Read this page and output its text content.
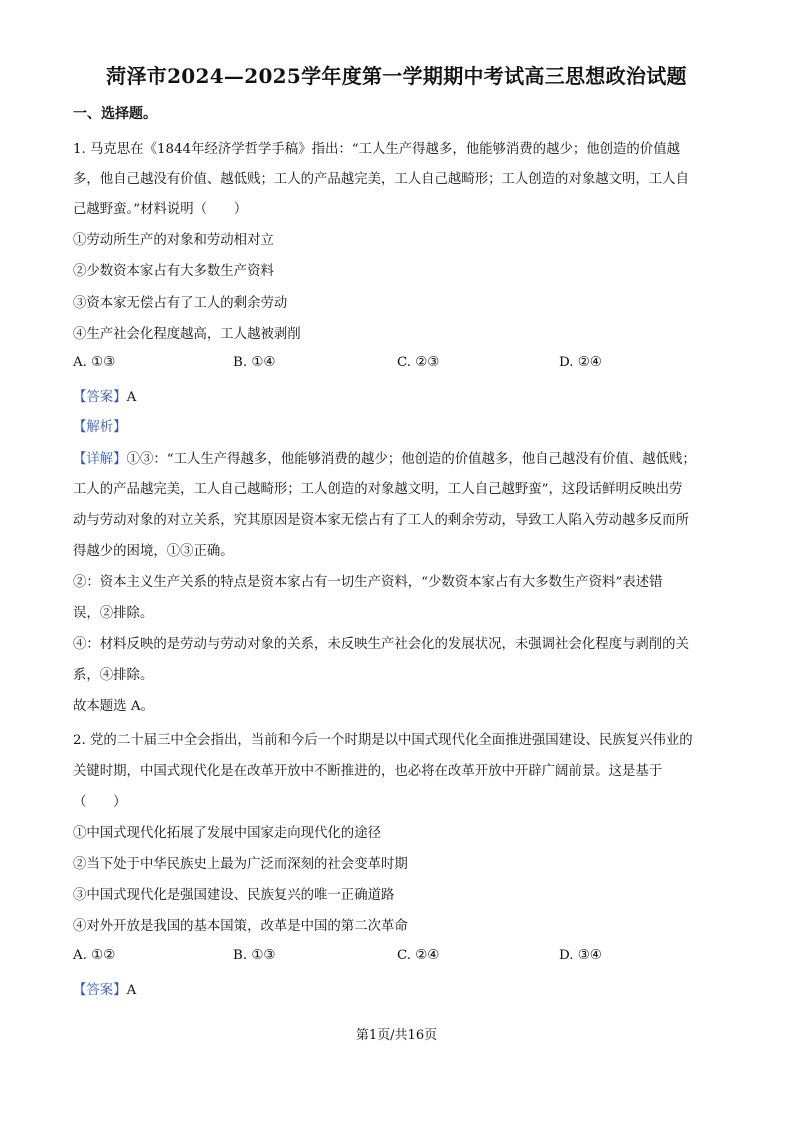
菏泽市2024—2025学年度第一学期期中考试高三思想政治试题
一、选择题。
1. 马克思在《1844年经济学哲学手稿》指出：“工人生产得越多，他能够消费的越少；他创造的价值越
多，他自己越没有价值、越低贱；工人的产品越完美，工人自己越畸形；工人创造的对象越文明，工人自
己越野蛮。”材料说明（　　）
①劳动所生产的对象和劳动相对立
②少数资本家占有大多数生产资料
③资本家无偿占有了工人的剩余劳动
④生产社会化程度越高，工人越被剥削
A. ①③	B. ①④	C. ②③	D. ②④
【答案】A
【解析】
【详解】①③：“工人生产得越多，他能够消费的越少；他创造的价值越多，他自己越没有价值、越低贱；
工人的产品越完美，工人自己越畸形；工人创造的对象越文明，工人自己越野蛮”，这段话鲜明反映出劳
动与劳动对象的对立关系，究其原因是资本家无偿占有了工人的剩余劳动，导致工人陷入劳动越多反而所
得越少的困境，①③正确。
②：资本主义生产关系的特点是资本家占有一切生产资料，“少数资本家占有大多数生产资料”表述错
误，②排除。
④：材料反映的是劳动与劳动对象的关系，未反映生产社会化的发展状况，未强调社会化程度与剥削的关
系，④排除。
故本题选 A。
2. 党的二十届三中全会指出，当前和今后一个时期是以中国式现代化全面推进强国建设、民族复兴伟业的
关键时期，中国式现代化是在改革开放中不断推进的，也必将在改革开放中开辟广阔前景。这是基于
（　　）
①中国式现代化拓展了发展中国家走向现代化的途径
②当下处于中华民族史上最为广泛而深刻的社会变革时期
③中国式现代化是强国建设、民族复兴的唯一正确道路
④对外开放是我国的基本国策，改革是中国的第二次革命
A. ①②	B. ①③	C. ②④	D. ③④
【答案】A
第1页/共16页
